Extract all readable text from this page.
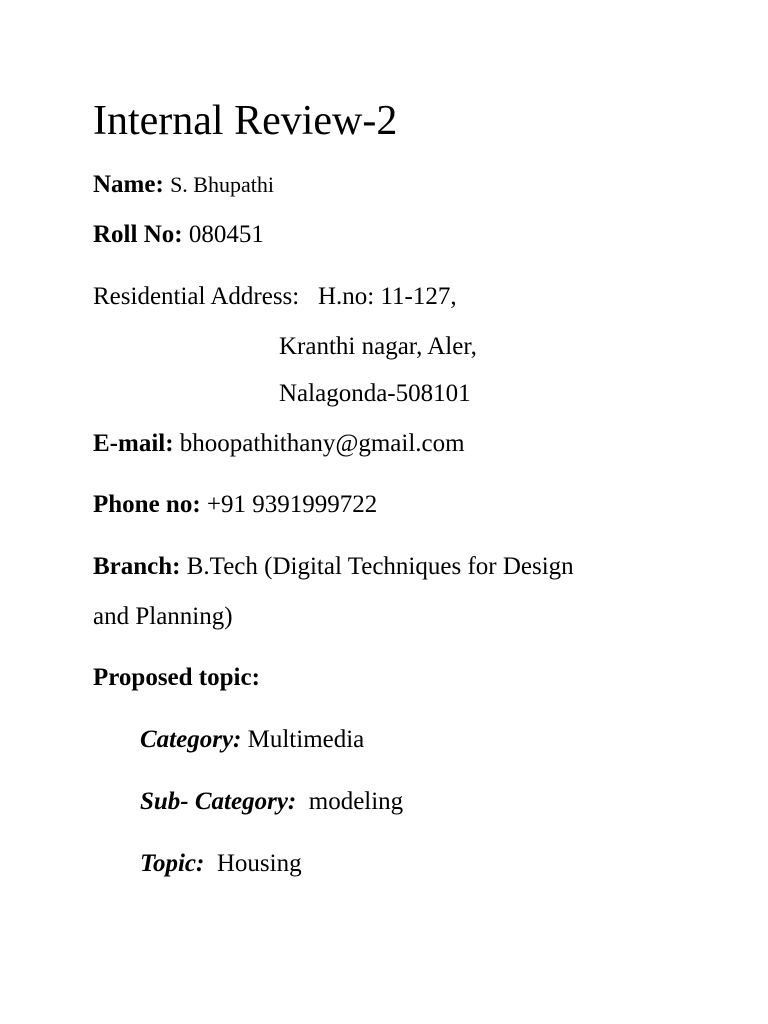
Internal Review-2
Name: S. Bhupathi
Roll No: 080451
Residential Address: H.no: 11-127,
Kranthi nagar, Aler,
Nalagonda-508101
E-mail: bhoopathithany@gmail.com
Phone no: +91 9391999722
Branch: B.Tech (Digital Techniques for Design
and Planning)
Proposed topic:
Category: Multimedia
Sub- Category: modeling
Topic: Housing
